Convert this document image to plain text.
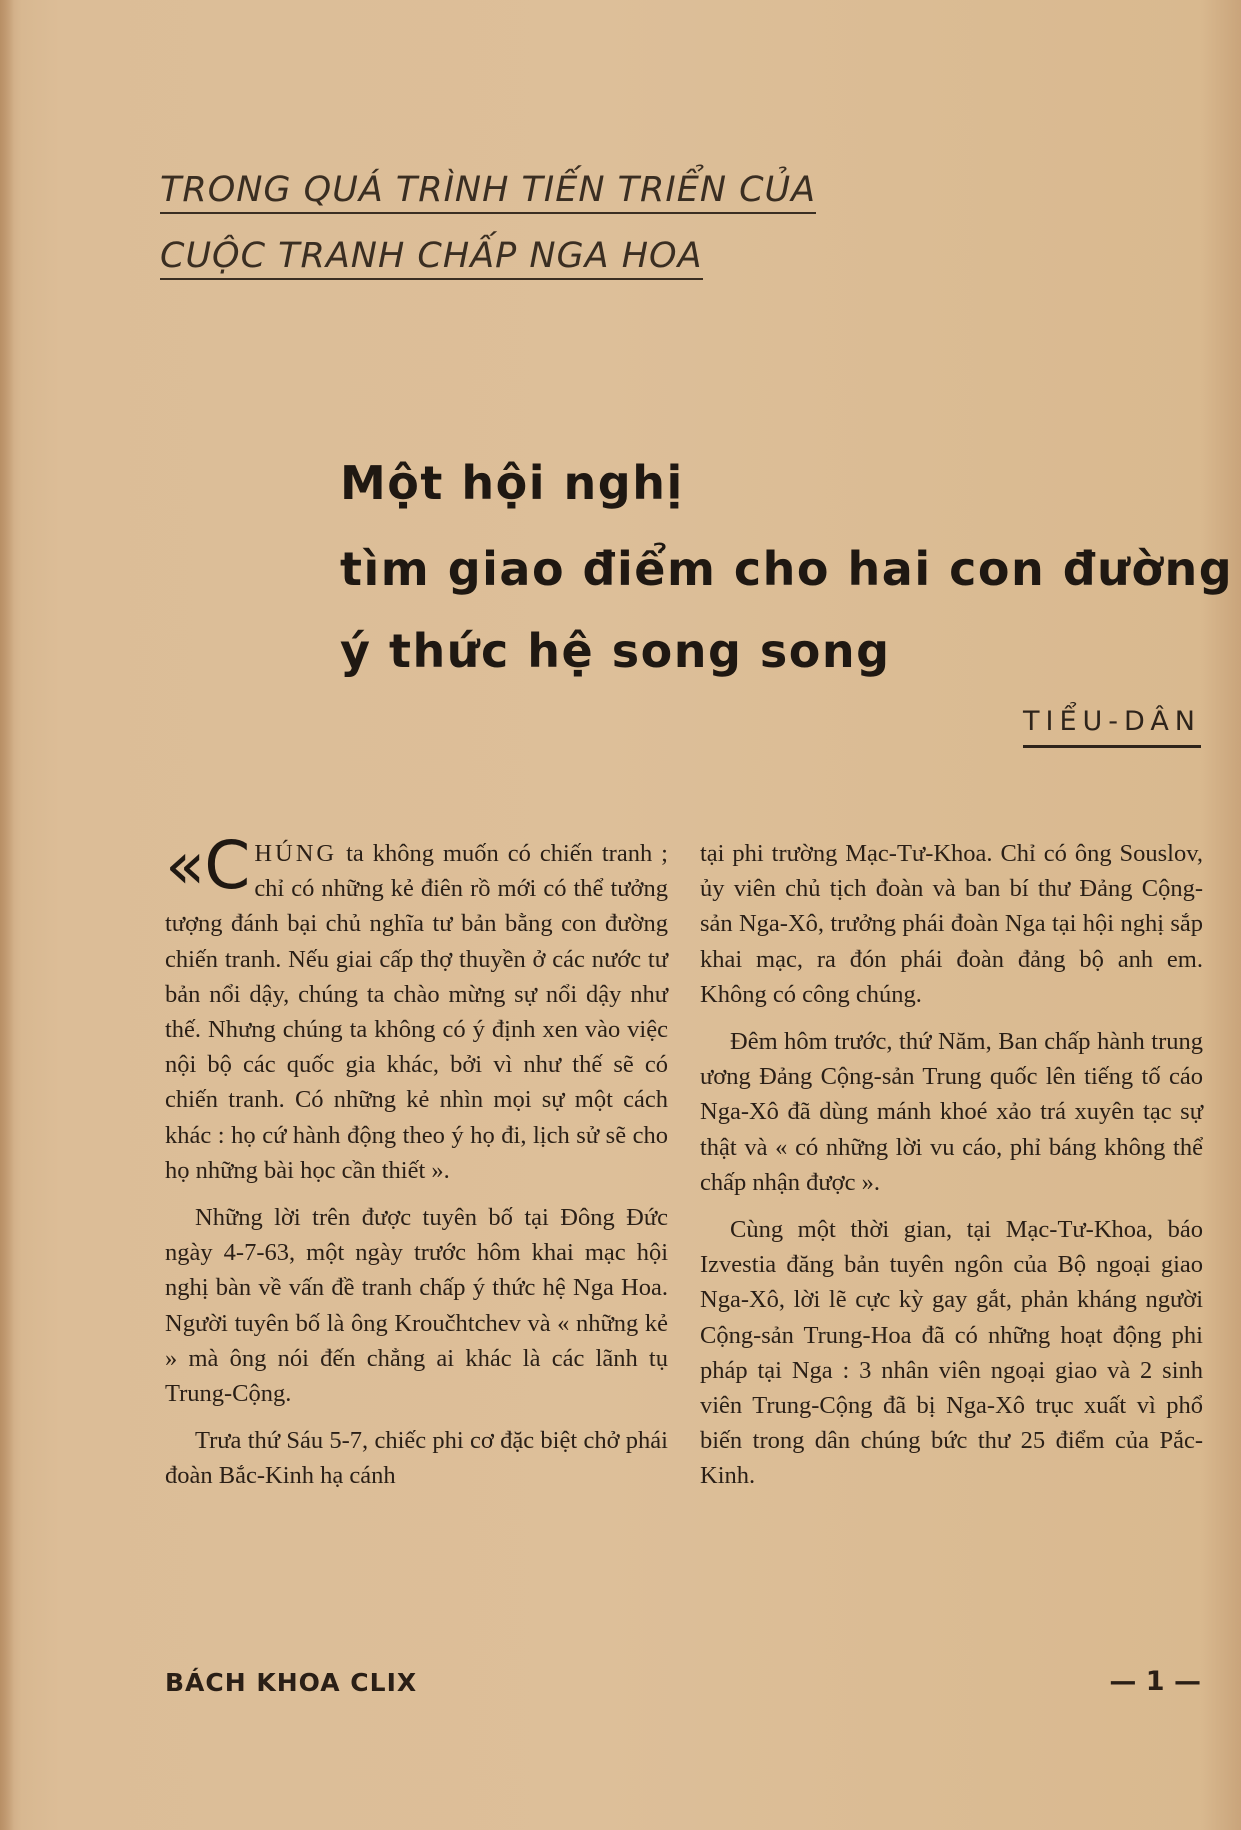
TRONG QUÁ TRÌNH TIẾN TRIỂN CỦA
CUỘC TRANH CHẤP NGA HOA
Một hội nghị
tìm giao điểm cho hai con đường
ý thức hệ song song
TIỂU-DÂN

«CHÚNG ta không muốn có chiến tranh ; chỉ có những kẻ điên rồ mới có thể tưởng tượng đánh bại chủ nghĩa tư bản bằng con đường chiến tranh. Nếu giai cấp thợ thuyền ở các nước tư bản nổi dậy, chúng ta chào mừng sự nổi dậy như thế. Nhưng chúng ta không có ý định xen vào việc nội bộ các quốc gia khác, bởi vì như thế sẽ có chiến tranh. Có những kẻ nhìn mọi sự một cách khác : họ cứ hành động theo ý họ đi, lịch sử sẽ cho họ những bài học cần thiết ».

Những lời trên được tuyên bố tại Đông Đức ngày 4-7-63, một ngày trước hôm khai mạc hội nghị bàn về vấn đề tranh chấp ý thức hệ Nga Hoa. Người tuyên bố là ông Kroučhtchev và « những kẻ » mà ông nói đến chẳng ai khác là các lãnh tụ Trung-Cộng.

Trưa thứ Sáu 5-7, chiếc phi cơ đặc biệt chở phái đoàn Bắc-Kinh hạ cánh

tại phi trường Mạc-Tư-Khoa. Chỉ có ông Souslov, ủy viên chủ tịch đoàn và ban bí thư Đảng Cộng-sản Nga-Xô, trưởng phái đoàn Nga tại hội nghị sắp khai mạc, ra đón phái đoàn đảng bộ anh em. Không có công chúng.

Đêm hôm trước, thứ Năm, Ban chấp hành trung ương Đảng Cộng-sản Trung quốc lên tiếng tố cáo Nga-Xô đã dùng mánh khoé xảo trá xuyên tạc sự thật và « có những lời vu cáo, phỉ báng không thể chấp nhận được ».

Cùng một thời gian, tại Mạc-Tư-Khoa, báo Izvestia đăng bản tuyên ngôn của Bộ ngoại giao Nga-Xô, lời lẽ cực kỳ gay gắt, phản kháng người Cộng-sản Trung-Hoa đã có những hoạt động phi pháp tại Nga : 3 nhân viên ngoại giao và 2 sinh viên Trung-Cộng đã bị Nga-Xô trục xuất vì phổ biến trong dân chúng bức thư 25 điểm của Pắc-Kinh.

BÁCH KHOA CLIX	— 1 —
